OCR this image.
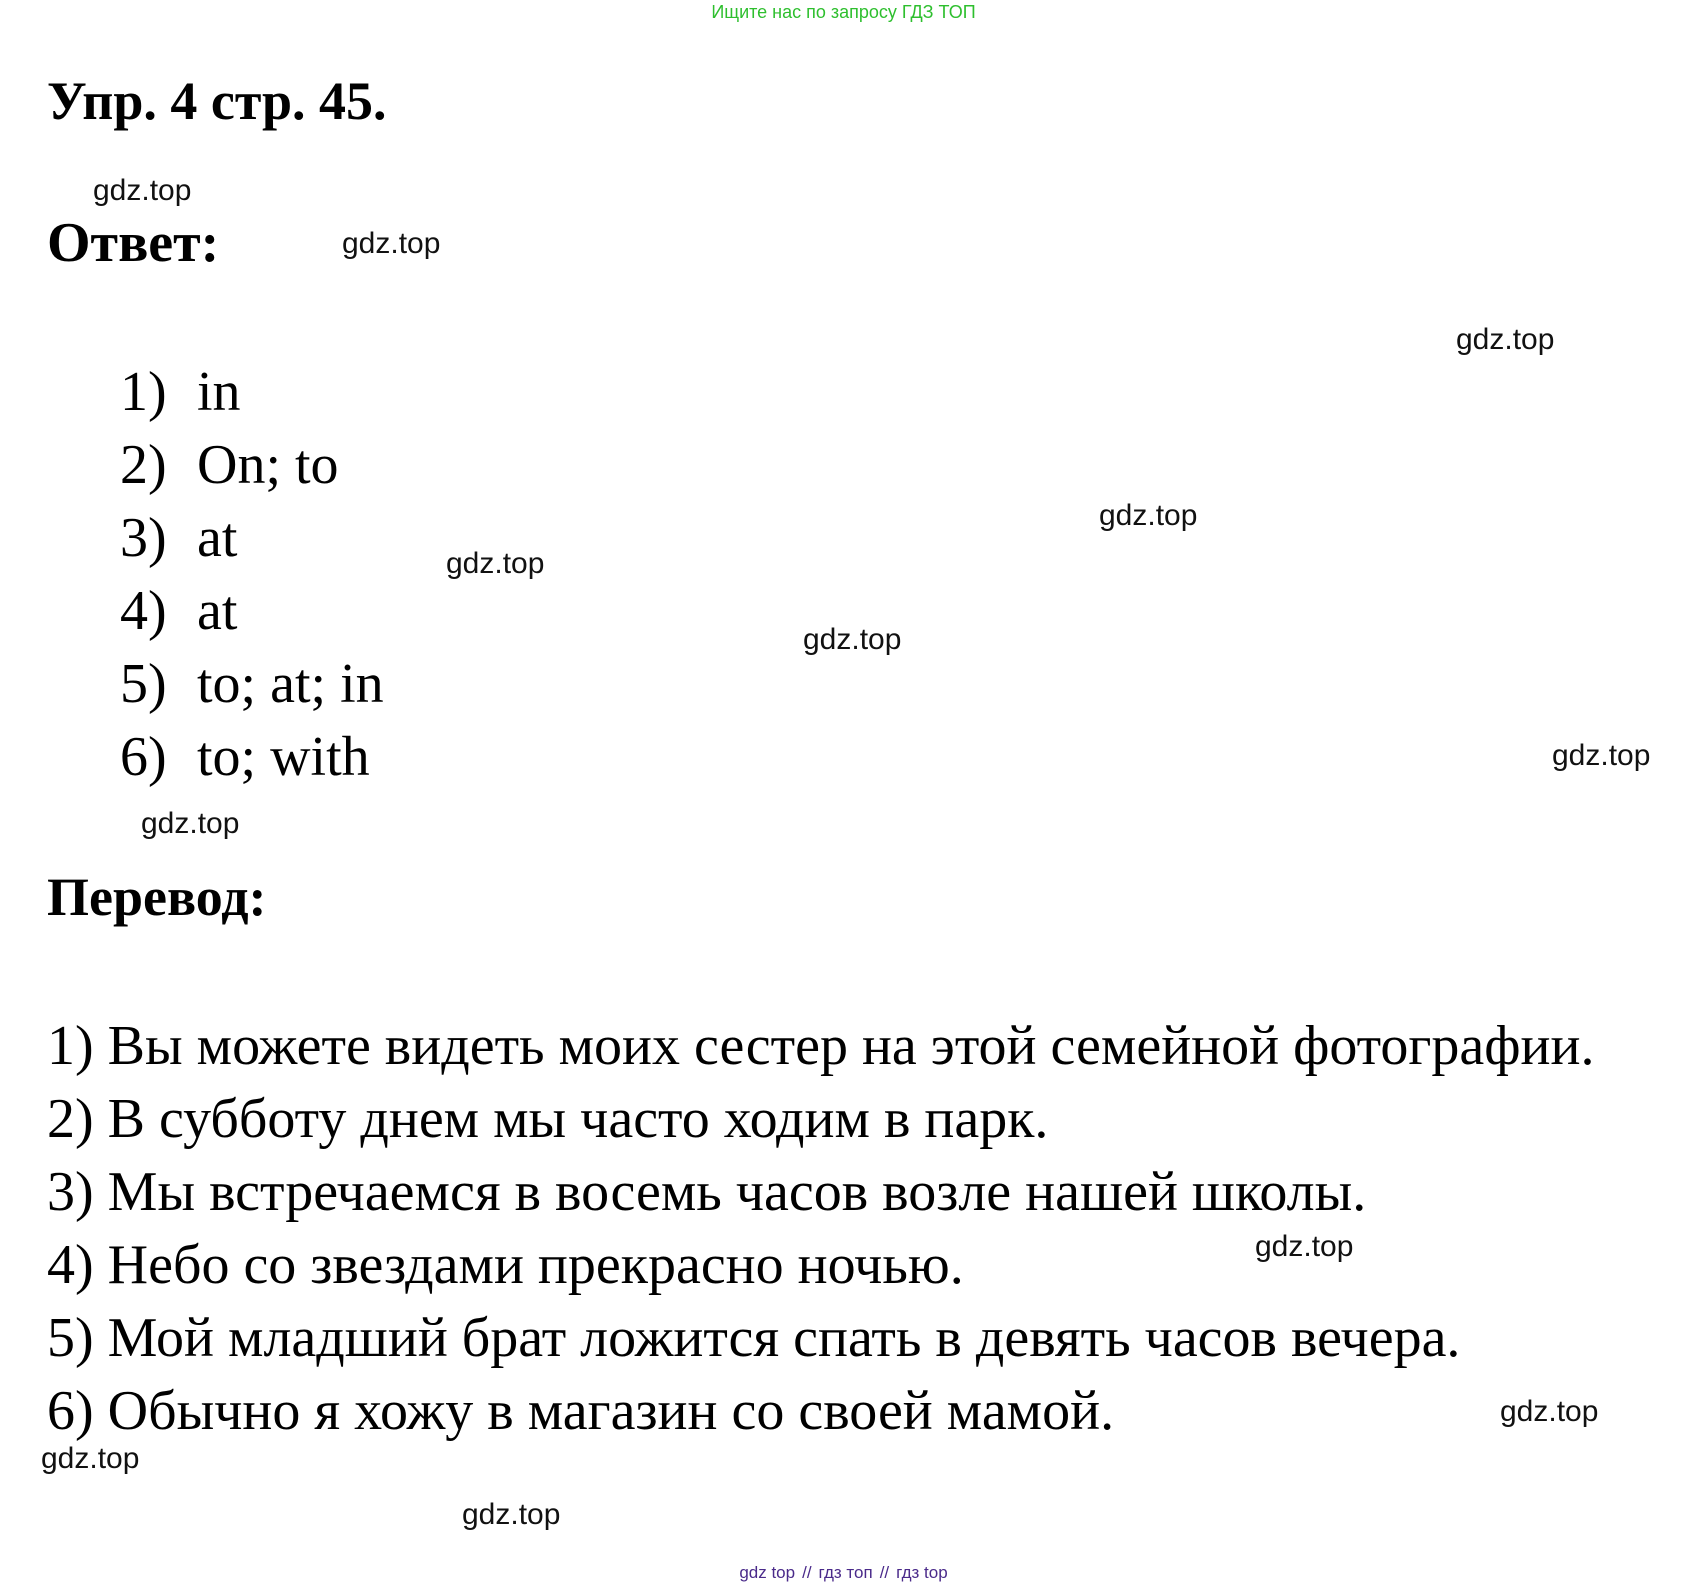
Ищите нас по запросу ГДЗ ТОП
Упр. 4 стр. 45.
gdz.top
Ответ:	gdz.top
gdz.top
1) in
2) On; to
3) at
4) at
5) to; at; in
6) to; with
gdz.top
gdz.top
gdz.top
gdz.top
gdz.top
Перевод:
1) Вы можете видеть моих сестер на этой семейной фотографии.
2) В субботу днем мы часто ходим в парк.
3) Мы встречаемся в восемь часов возле нашей школы.
4) Небо со звездами прекрасно ночью.
5) Мой младший брат ложится спать в девять часов вечера.
6) Обычно я хожу в магазин со своей мамой.
gdz.top
gdz.top
gdz.top
gdz.top
gdz top // гдз топ // гдз top
